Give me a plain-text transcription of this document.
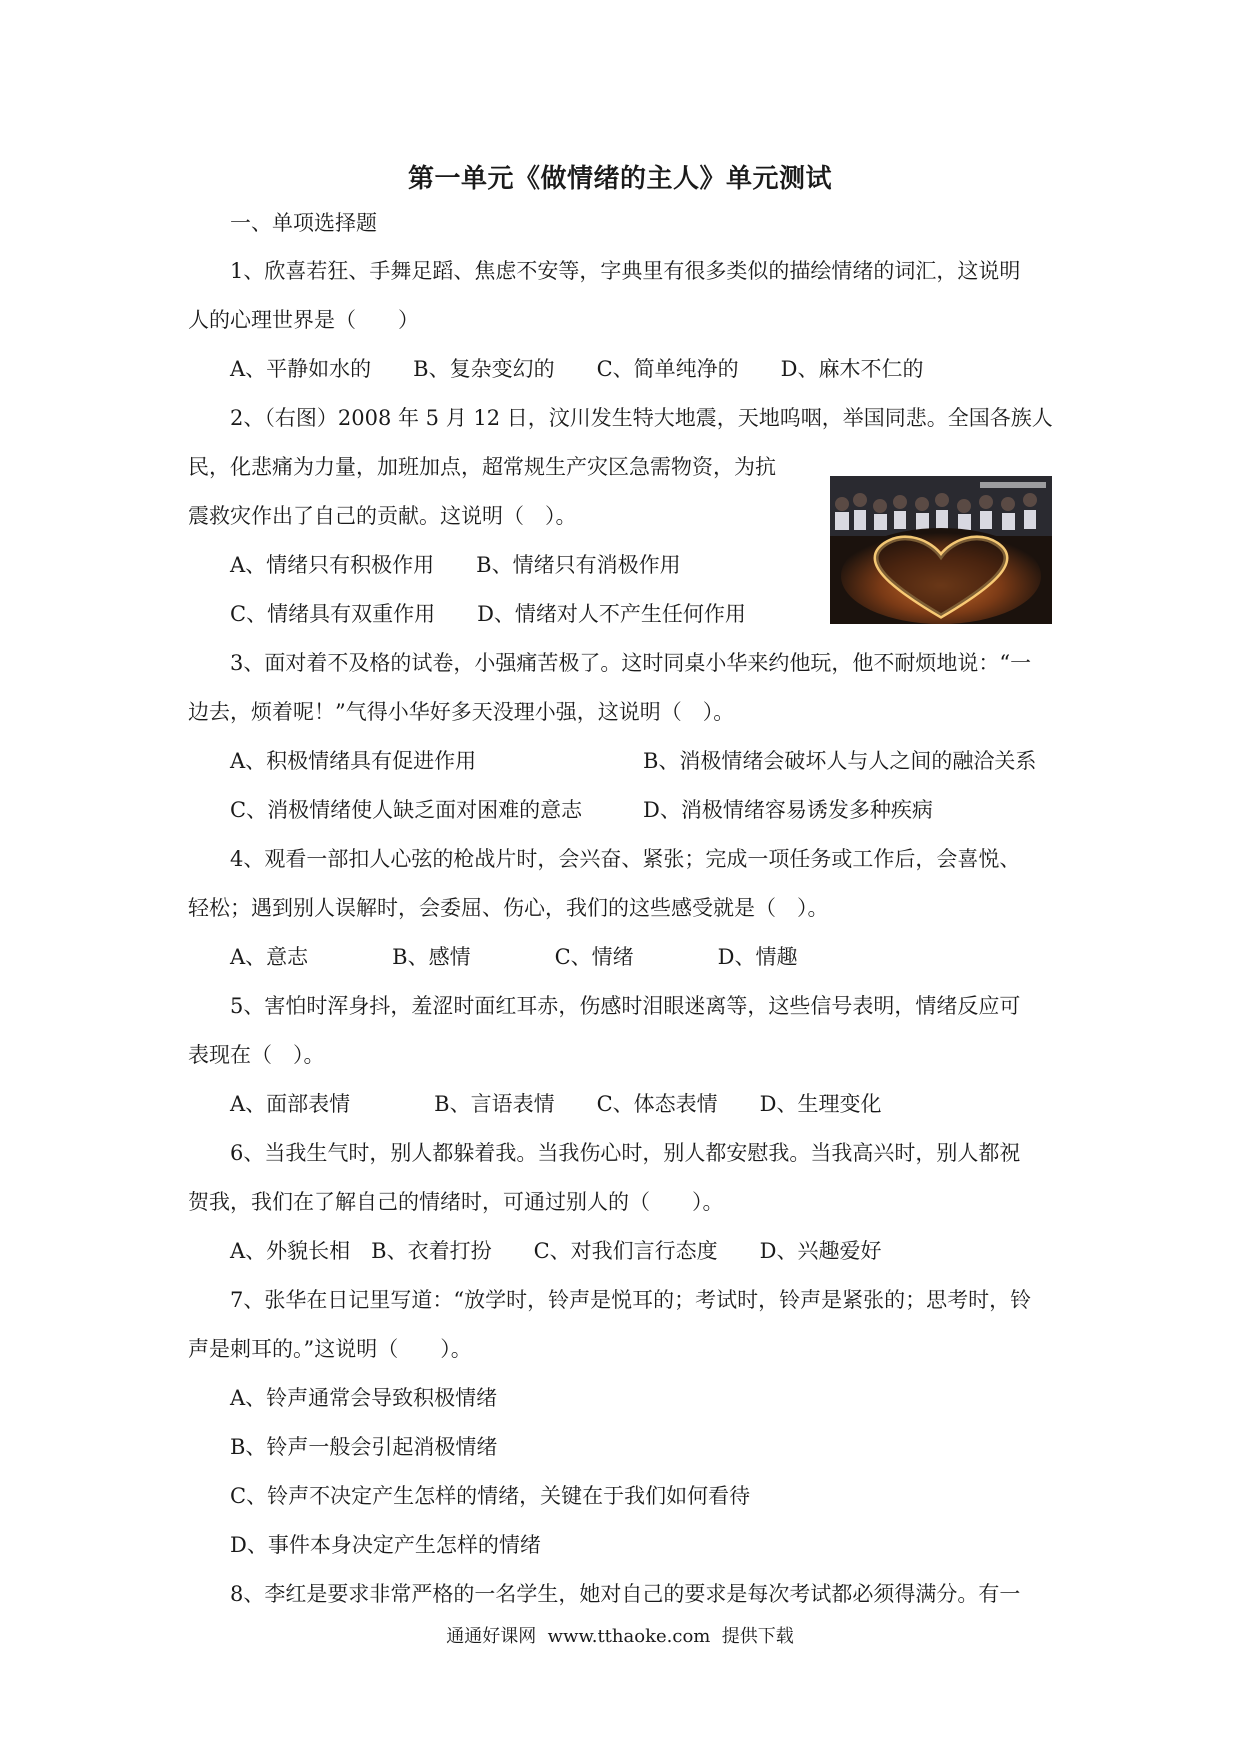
第一单元《做情绪的主人》单元测试
一、单项选择题
1、欣喜若狂、手舞足蹈、焦虑不安等，字典里有很多类似的描绘情绪的词汇，这说明
人的心理世界是（　　）
A、平静如水的　　B、复杂变幻的　　C、简单纯净的　　D、麻木不仁的
2、（右图）2008 年 5 月 12 日，汶川发生特大地震，天地呜咽，举国同悲。全国各族人
民，化悲痛为力量，加班加点，超常规生产灾区急需物资，为抗
震救灾作出了自己的贡献。这说明（　）。
A、情绪只有积极作用　　B、情绪只有消极作用
C、情绪具有双重作用　　D、情绪对人不产生任何作用
3、面对着不及格的试卷，小强痛苦极了。这时同桌小华来约他玩，他不耐烦地说：“一
边去，烦着呢！”气得小华好多天没理小强，这说明（　）。
A、积极情绪具有促进作用	B、消极情绪会破坏人与人之间的融洽关系
C、消极情绪使人缺乏面对困难的意志	D、消极情绪容易诱发多种疾病
4、观看一部扣人心弦的枪战片时，会兴奋、紧张；完成一项任务或工作后，会喜悦、
轻松；遇到别人误解时，会委屈、伤心，我们的这些感受就是（　）。
A、意志　　　　B、感情　　　　C、情绪　　　　D、情趣
5、害怕时浑身抖，羞涩时面红耳赤，伤感时泪眼迷离等，这些信号表明，情绪反应可
表现在（　）。
A、面部表情　　　　B、言语表情　　C、体态表情　　D、生理变化
6、当我生气时，别人都躲着我。当我伤心时，别人都安慰我。当我高兴时，别人都祝
贺我，我们在了解自己的情绪时，可通过别人的（　　）。
A、外貌长相　B、衣着打扮　　C、对我们言行态度　　D、兴趣爱好
7、张华在日记里写道：“放学时，铃声是悦耳的；考试时，铃声是紧张的；思考时，铃
声是刺耳的。”这说明（　　）。
A、铃声通常会导致积极情绪
B、铃声一般会引起消极情绪
C、铃声不决定产生怎样的情绪，关键在于我们如何看待
D、事件本身决定产生怎样的情绪
8、李红是要求非常严格的一名学生，她对自己的要求是每次考试都必须得满分。有一
通通好课网  www.tthaoke.com  提供下载
